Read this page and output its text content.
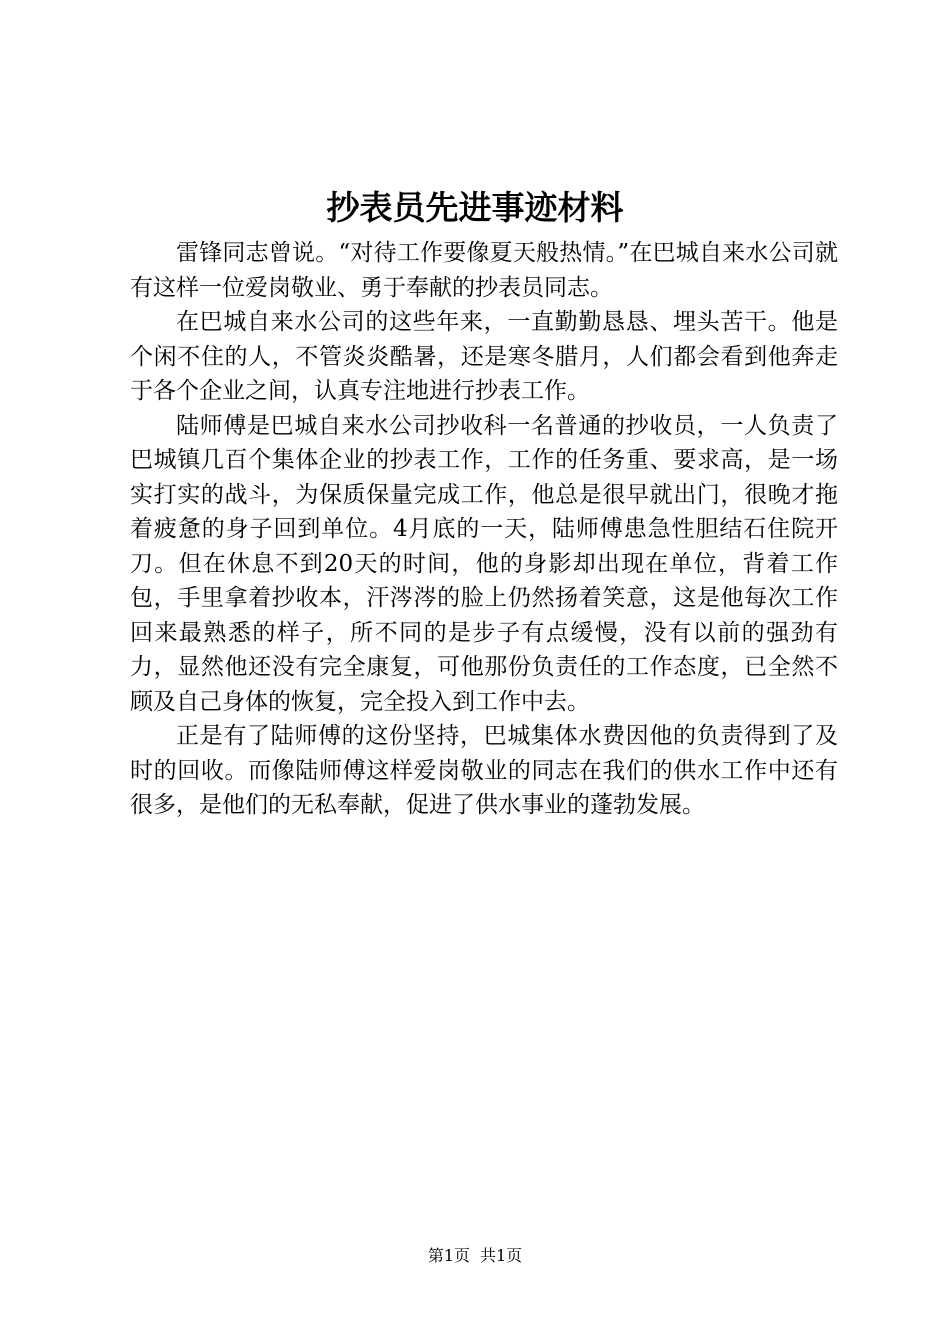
抄表员先进事迹材料

雷锋同志曾说。“对待工作要像夏天般热情。”在巴城自来水公司就有这样一位爱岗敬业、勇于奉献的抄表员同志。

在巴城自来水公司的这些年来，一直勤勤恳恳、埋头苦干。他是个闲不住的人，不管炎炎酷暑，还是寒冬腊月，人们都会看到他奔走于各个企业之间，认真专注地进行抄表工作。

陆师傅是巴城自来水公司抄收科一名普通的抄收员，一人负责了巴城镇几百个集体企业的抄表工作，工作的任务重、要求高，是一场实打实的战斗，为保质保量完成工作，他总是很早就出门，很晚才拖着疲惫的身子回到单位。4月底的一天，陆师傅患急性胆结石住院开刀。但在休息不到20天的时间，他的身影却出现在单位，背着工作包，手里拿着抄收本，汗涔涔的脸上仍然扬着笑意，这是他每次工作回来最熟悉的样子，所不同的是步子有点缓慢，没有以前的强劲有力，显然他还没有完全康复，可他那份负责任的工作态度，已全然不顾及自己身体的恢复，完全投入到工作中去。

正是有了陆师傅的这份坚持，巴城集体水费因他的负责得到了及时的回收。而像陆师傅这样爱岗敬业的同志在我们的供水工作中还有很多，是他们的无私奉献，促进了供水事业的蓬勃发展。

第1页 共1页
